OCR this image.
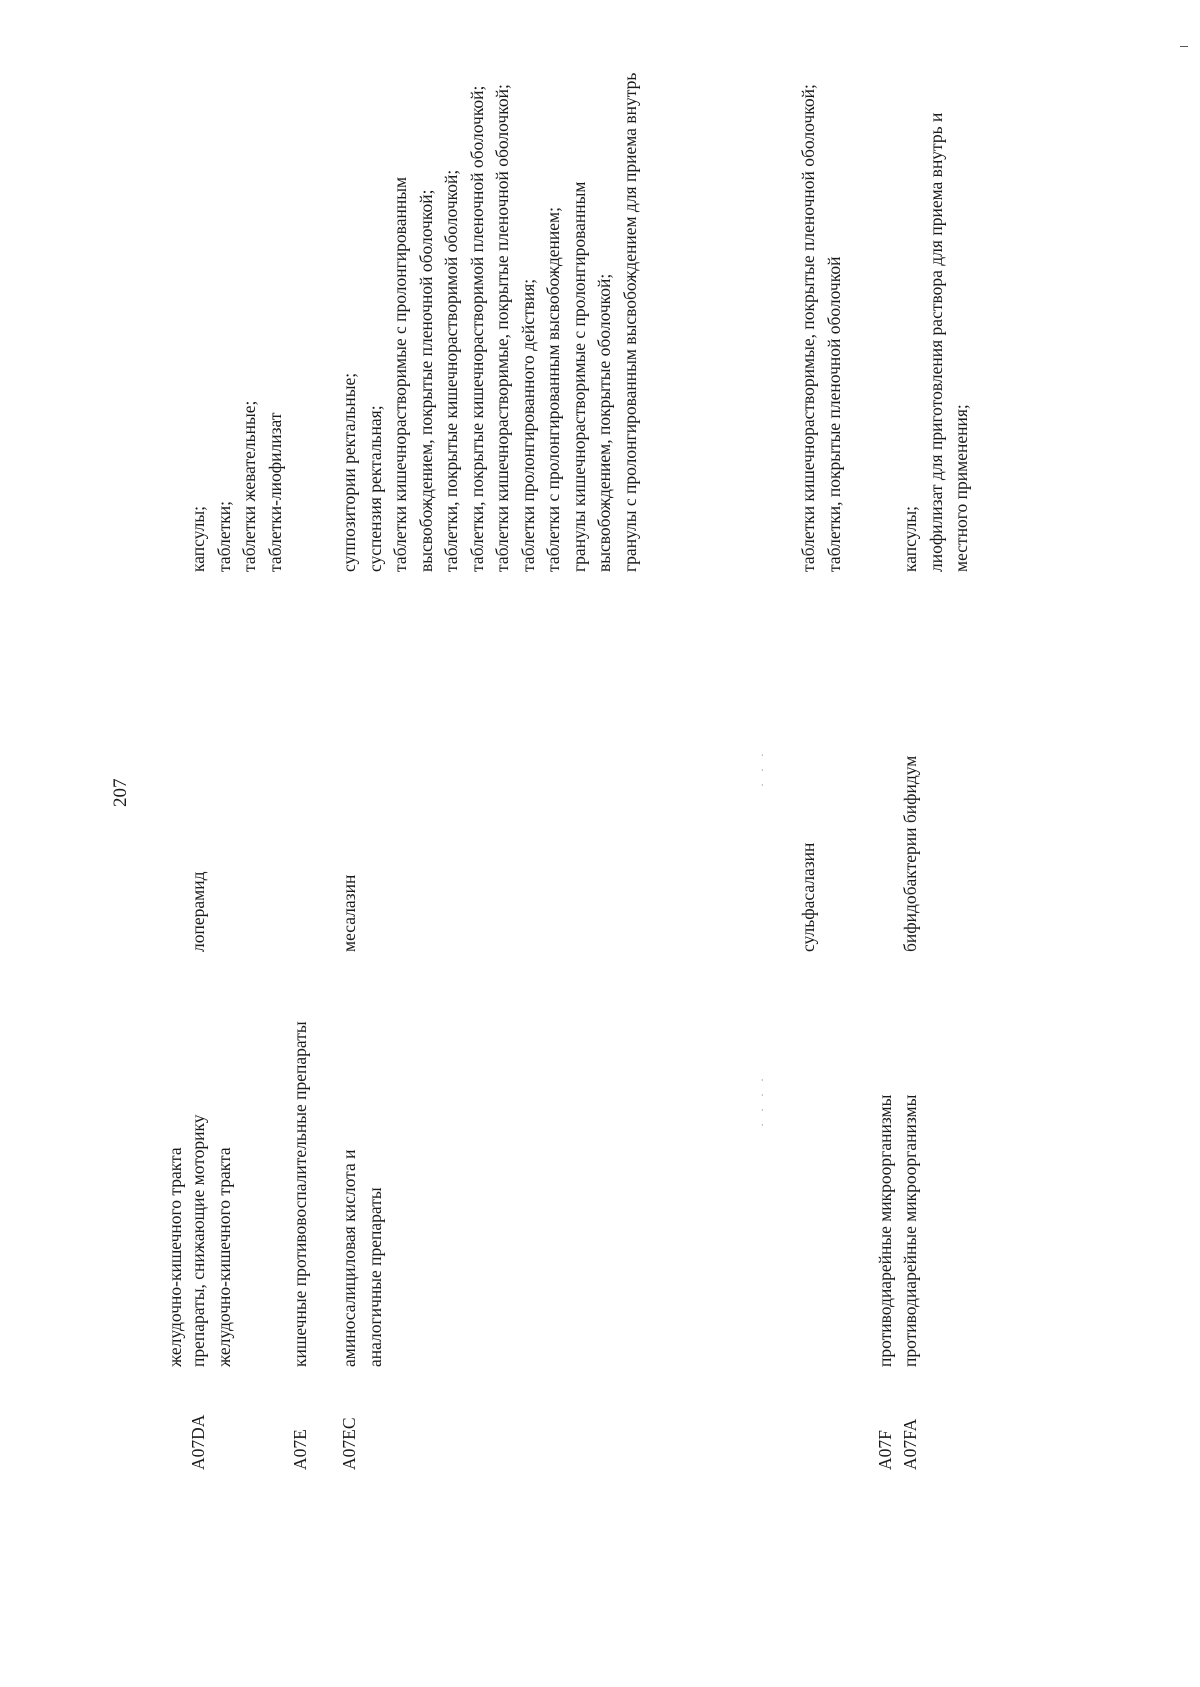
207
желудочно-кишечного тракта
A07DA
препараты, снижающие моторику желудочно-кишечного тракта
лоперамид
капсулы;
таблетки;
таблетки жевательные;
таблетки-лиофилизат
A07E
кишечные противовоспалительные препараты
A07EC
аминосалициловая кислота и аналогичные препараты
месалазин
суппозитории ректальные;
суспензия ректальная;
таблетки кишечнорастворимые с пролонгированным высвобождением, покрытые пленочной оболочкой;
таблетки, покрытые кишечнорастворимой оболочкой;
таблетки, покрытые кишечнорастворимой пленочной оболочкой;
таблетки кишечнорастворимые, покрытые пленочной оболочкой;
таблетки пролонгированного действия;
таблетки с пролонгированным высвобождением;
гранулы кишечнорастворимые с пролонгированным высвобождением, покрытые оболочкой;
гранулы с пролонгированным высвобождением для приема внутрь
сульфасалазин
таблетки кишечнорастворимые, покрытые пленочной оболочкой;
таблетки, покрытые пленочной оболочкой
A07F
противодиарейные микроорганизмы
A07FA
противодиарейные микроорганизмы
бифидобактерии бифидум
капсулы;
лиофилизат для приготовления раствора для приема внутрь и местного применения;
· · · ·
· · ·
